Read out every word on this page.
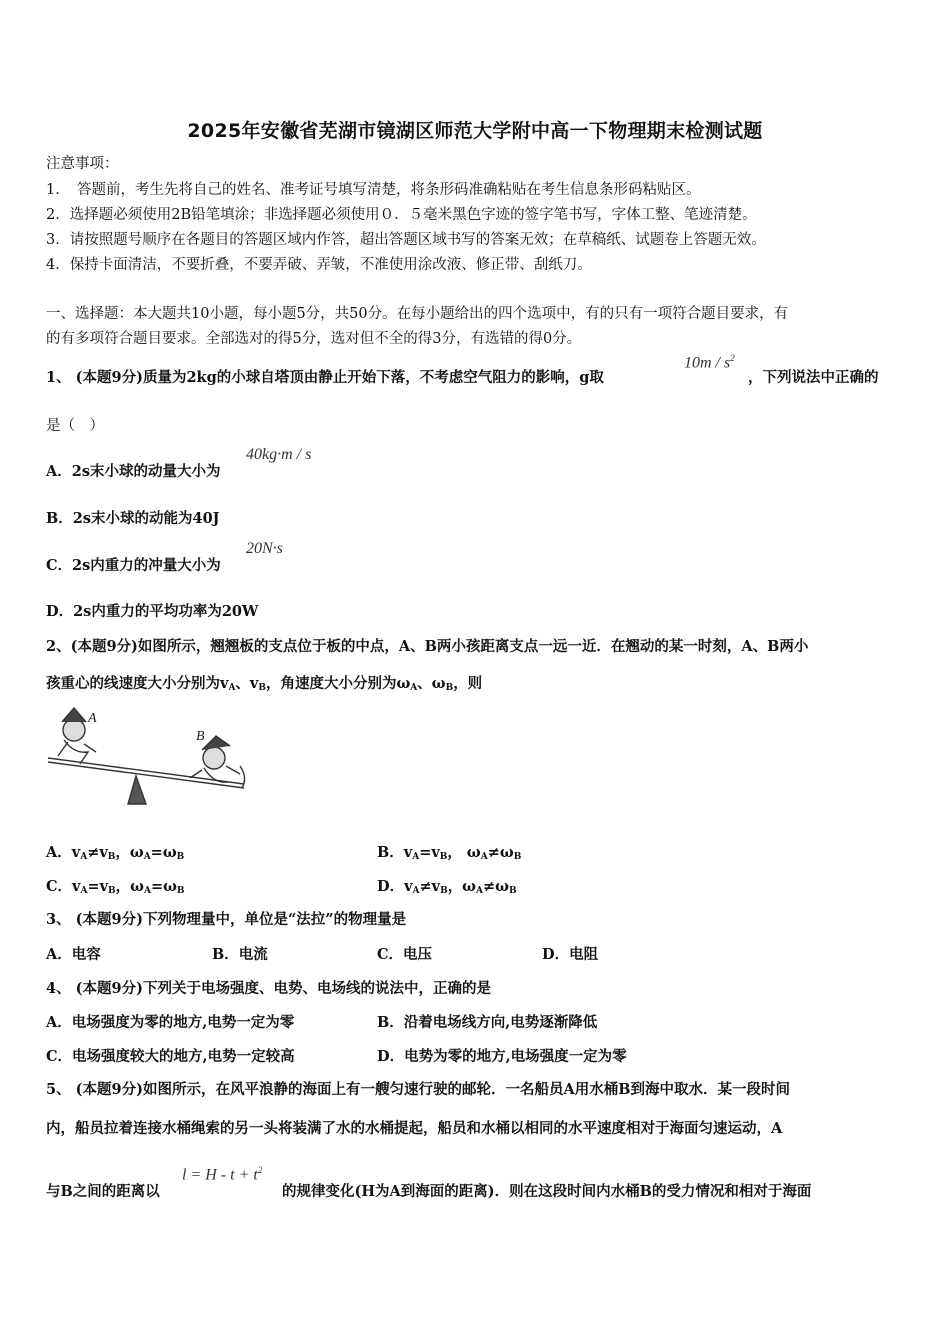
2025年安徽省芜湖市镜湖区师范大学附中高一下物理期末检测试题
注意事项：
1．　答题前，考生先将自己的姓名、准考证号填写清楚，将条形码准确粘贴在考生信息条形码粘贴区。
2．选择题必须使用2B铅笔填涂；非选择题必须使用０．５毫米黑色字迹的签字笔书写，字体工整、笔迹清楚。
3．请按照题号顺序在各题目的答题区域内作答，超出答题区域书写的答案无效；在草稿纸、试题卷上答题无效。
4．保持卡面清洁，不要折叠，不要弄破、弄皱，不准使用涂改液、修正带、刮纸刀。
一、选择题：本大题共10小题，每小题5分，共50分。在每小题给出的四个选项中，有的只有一项符合题目要求，有
的有多项符合题目要求。全部选对的得5分，选对但不全的得3分，有选错的得0分。
1、 (本题9分)质量为2kg的小球自塔顶由静止开始下落，不考虑空气阻力的影响，g取
$10m / s^2$
，下列说法中正确的
是（　）
A．2s末小球的动量大小为
40kg·m / s
B．2s末小球的动能为40J
C．2s内重力的冲量大小为
20N·s
D．2s内重力的平均功率为20W
2、(本题9分)如图所示，翘翘板的支点位于板的中点，A、B两小孩距离支点一远一近．在翘动的某一时刻，A、B两小
孩重心的线速度大小分别为$v_A$、$v_B$，角速度大小分别为$\omega_A$、$\omega_B$，则
A
B
A．$v_A\ne v_B$，$\omega_A=\omega_B$	B．$v_A=v_B$， $\omega_A\ne\omega_B$
C．$v_A=v_B$，$\omega_A=\omega_B$	D．$v_A\ne v_B$，$\omega_A\ne\omega_B$
3、 (本题9分)下列物理量中，单位是“法拉”的物理量是
A．电容	B．电流	C．电压	D．电阻
4、 (本题9分)下列关于电场强度、电势、电场线的说法中，正确的是
A．电场强度为零的地方,电势一定为零	B．沿着电场线方向,电势逐渐降低
C．电场强度较大的地方,电势一定较高	D．电势为零的地方,电场强度一定为零
5、 (本题9分)如图所示，在风平浪静的海面上有一艘匀速行驶的邮轮．一名船员A用水桶B到海中取水．某一段时间
内，船员拉着连接水桶绳索的另一头将装满了水的水桶提起，船员和水桶以相同的水平速度相对于海面匀速运动，A
与B之间的距离以
$l = H - t + t^2$
的规律变化(H为A到海面的距离)．则在这段时间内水桶B的受力情况和相对于海面
